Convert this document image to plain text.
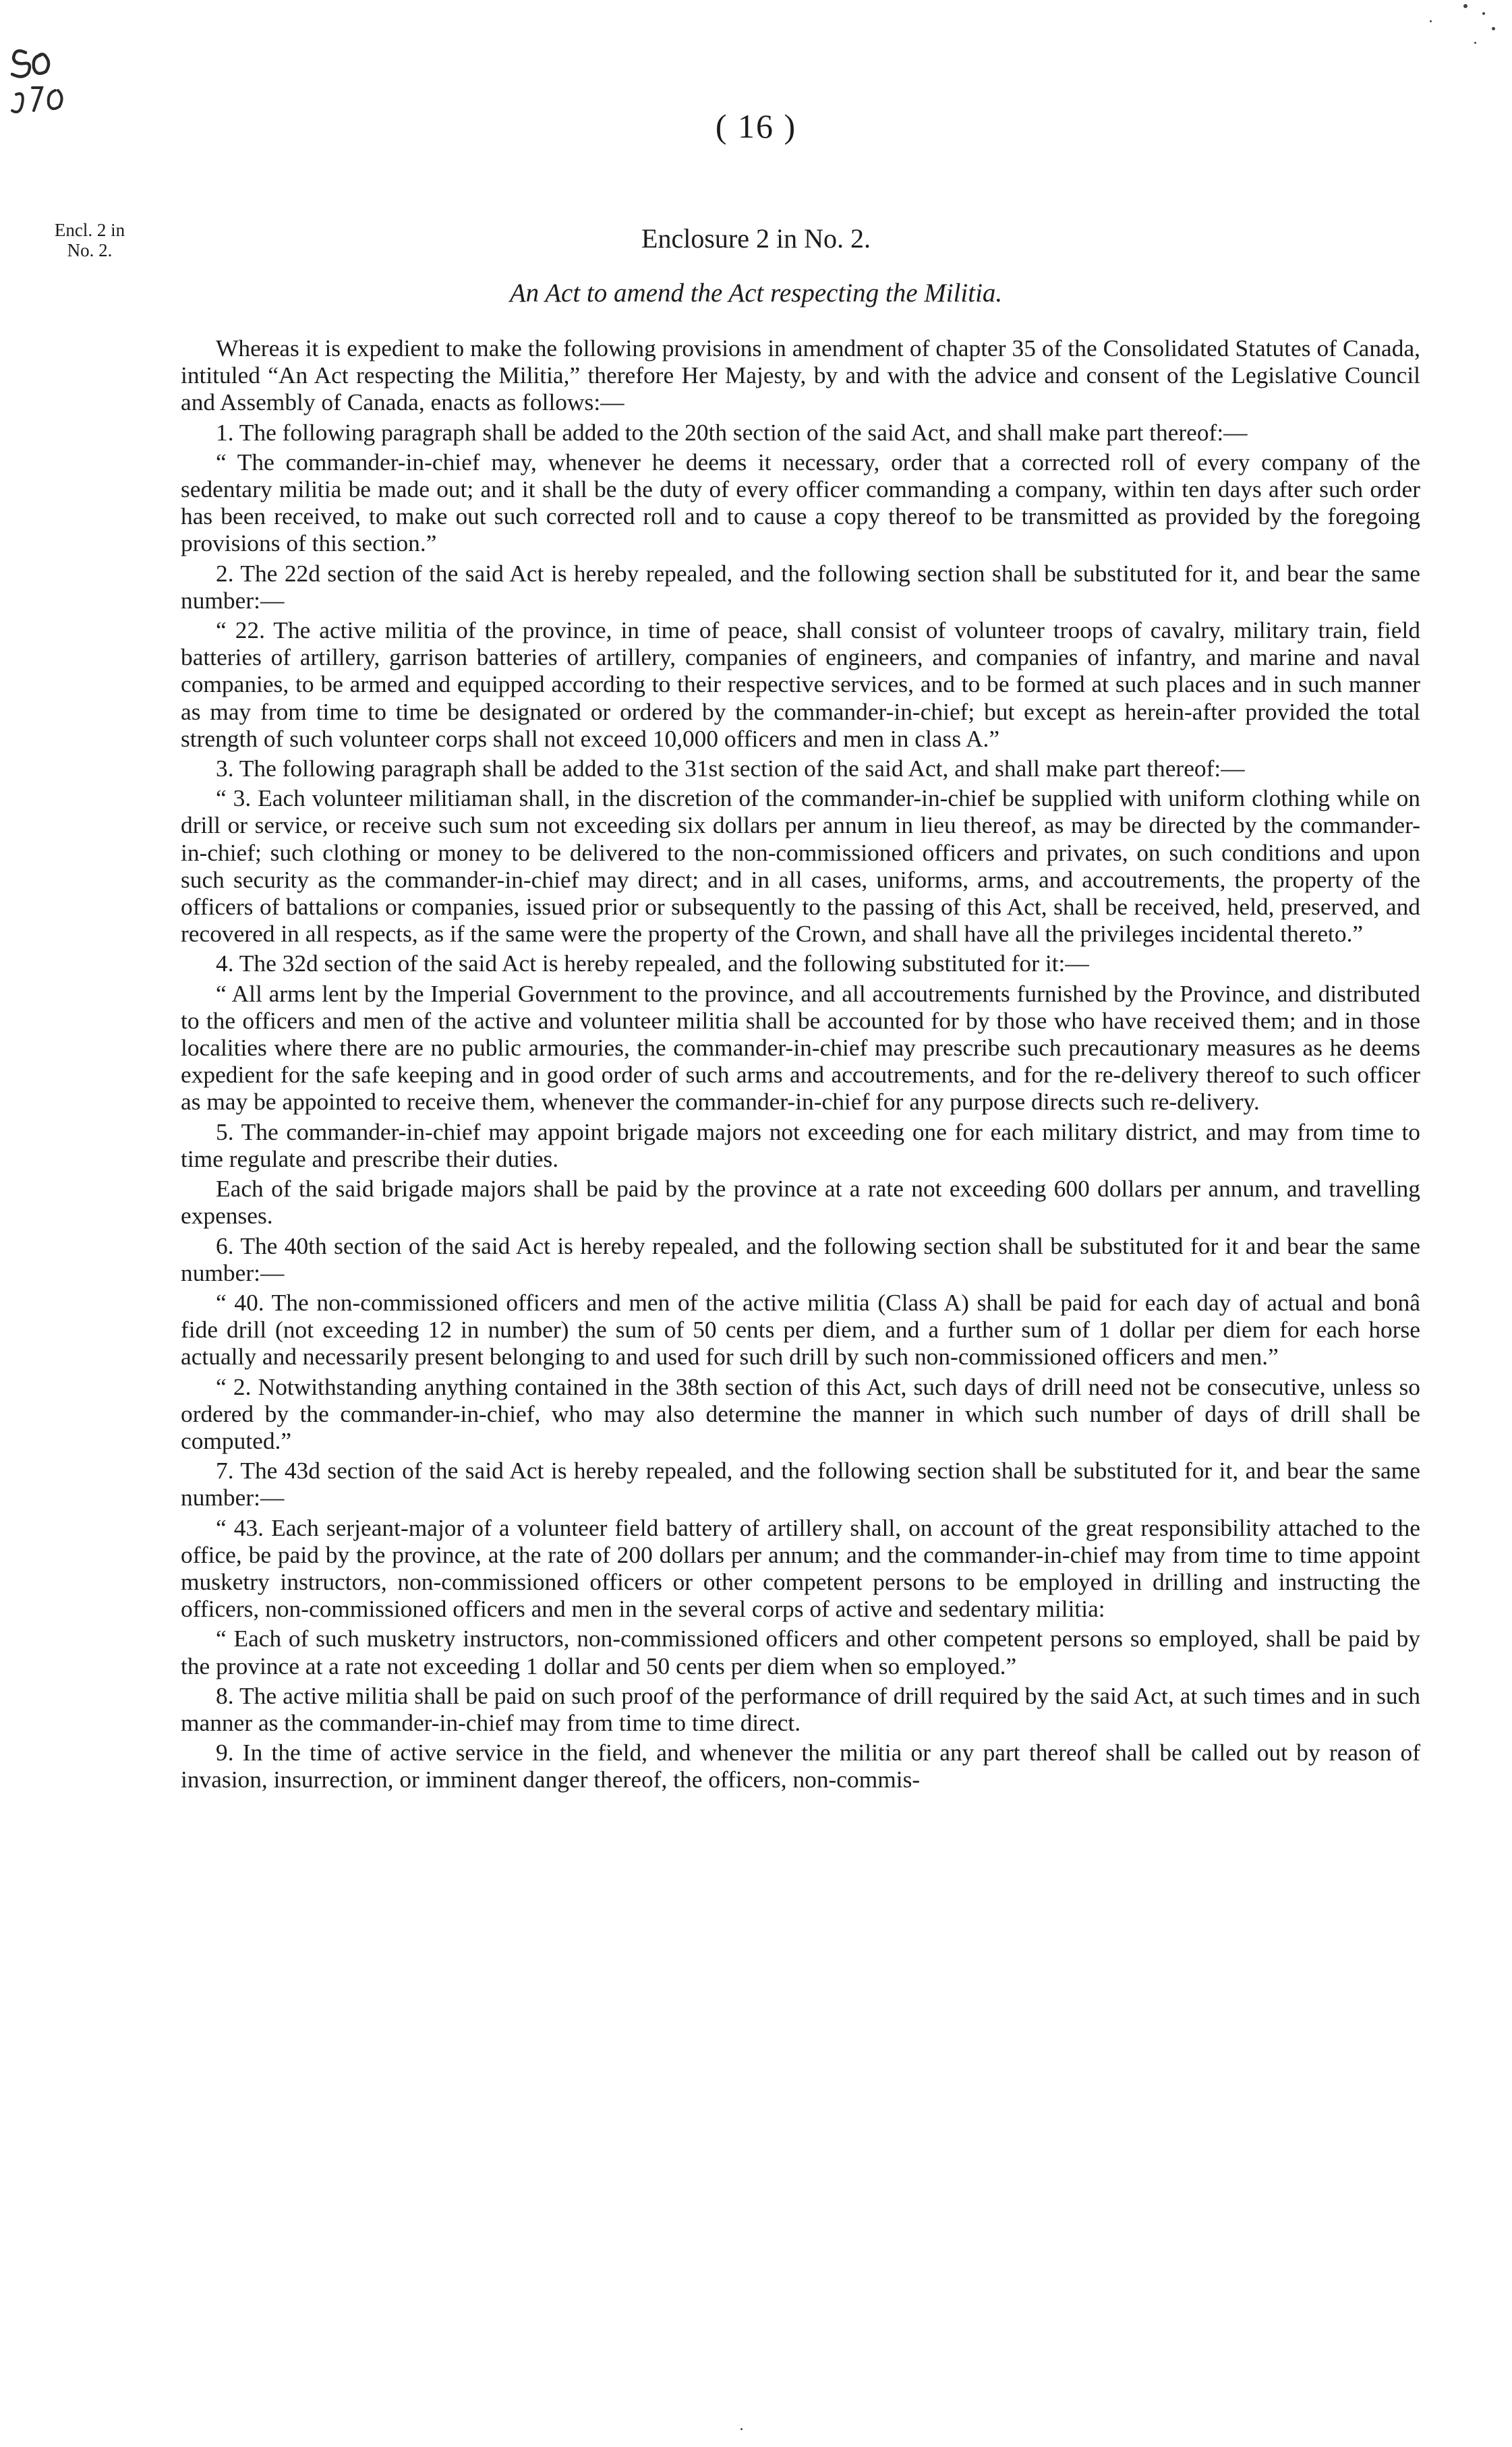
( 16 )
Encl. 2 in
No. 2.	Enclosure 2 in No. 2.
An Act to amend the Act respecting the Militia.

Whereas it is expedient to make the following provisions in amendment of chapter 35 of the Consolidated Statutes of Canada, intituled “An Act respecting the Militia,” therefore Her Majesty, by and with the advice and consent of the Legislative Council and Assembly of Canada, enacts as follows:—

1. The following paragraph shall be added to the 20th section of the said Act, and shall make part thereof:—

“ The commander-in-chief may, whenever he deems it necessary, order that a corrected roll of every company of the sedentary militia be made out; and it shall be the duty of every officer commanding a company, within ten days after such order has been received, to make out such corrected roll and to cause a copy thereof to be transmitted as provided by the foregoing provisions of this section.”

2. The 22d section of the said Act is hereby repealed, and the following section shall be substituted for it, and bear the same number:—

“ 22. The active militia of the province, in time of peace, shall consist of volunteer troops of cavalry, military train, field batteries of artillery, garrison batteries of artillery, companies of engineers, and companies of infantry, and marine and naval companies, to be armed and equipped according to their respective services, and to be formed at such places and in such manner as may from time to time be designated or ordered by the commander-in-chief; but except as herein-after provided the total strength of such volunteer corps shall not exceed 10,000 officers and men in class A.”

3. The following paragraph shall be added to the 31st section of the said Act, and shall make part thereof:—

“ 3. Each volunteer militiaman shall, in the discretion of the commander-in-chief be supplied with uniform clothing while on drill or service, or receive such sum not exceeding six dollars per annum in lieu thereof, as may be directed by the commander-in-chief; such clothing or money to be delivered to the non-commissioned officers and privates, on such conditions and upon such security as the commander-in-chief may direct; and in all cases, uniforms, arms, and accoutrements, the property of the officers of battalions or companies, issued prior or subsequently to the passing of this Act, shall be received, held, preserved, and recovered in all respects, as if the same were the property of the Crown, and shall have all the privileges incidental thereto.”

4. The 32d section of the said Act is hereby repealed, and the following substituted for it:—

“ All arms lent by the Imperial Government to the province, and all accoutrements furnished by the Province, and distributed to the officers and men of the active and volunteer militia shall be accounted for by those who have received them; and in those localities where there are no public armouries, the commander-in-chief may prescribe such precautionary measures as he deems expedient for the safe keeping and in good order of such arms and accoutrements, and for the re-delivery thereof to such officer as may be appointed to receive them, whenever the commander-in-chief for any purpose directs such re-delivery.

5. The commander-in-chief may appoint brigade majors not exceeding one for each military district, and may from time to time regulate and prescribe their duties.

Each of the said brigade majors shall be paid by the province at a rate not exceeding 600 dollars per annum, and travelling expenses.

6. The 40th section of the said Act is hereby repealed, and the following section shall be substituted for it and bear the same number:—

“ 40. The non-commissioned officers and men of the active militia (Class A) shall be paid for each day of actual and bonâ fide drill (not exceeding 12 in number) the sum of 50 cents per diem, and a further sum of 1 dollar per diem for each horse actually and necessarily present belonging to and used for such drill by such non-commissioned officers and men.”

“ 2. Notwithstanding anything contained in the 38th section of this Act, such days of drill need not be consecutive, unless so ordered by the commander-in-chief, who may also determine the manner in which such number of days of drill shall be computed.”

7. The 43d section of the said Act is hereby repealed, and the following section shall be substituted for it, and bear the same number:—

“ 43. Each serjeant-major of a volunteer field battery of artillery shall, on account of the great responsibility attached to the office, be paid by the province, at the rate of 200 dollars per annum; and the commander-in-chief may from time to time appoint musketry instructors, non-commissioned officers or other competent persons to be employed in drilling and instructing the officers, non-commissioned officers and men in the several corps of active and sedentary militia:

“ Each of such musketry instructors, non-commissioned officers and other competent persons so employed, shall be paid by the province at a rate not exceeding 1 dollar and 50 cents per diem when so employed.”

8. The active militia shall be paid on such proof of the performance of drill required by the said Act, at such times and in such manner as the commander-in-chief may from time to time direct.

9. In the time of active service in the field, and whenever the militia or any part thereof shall be called out by reason of invasion, insurrection, or imminent danger thereof, the officers, non-commis-
